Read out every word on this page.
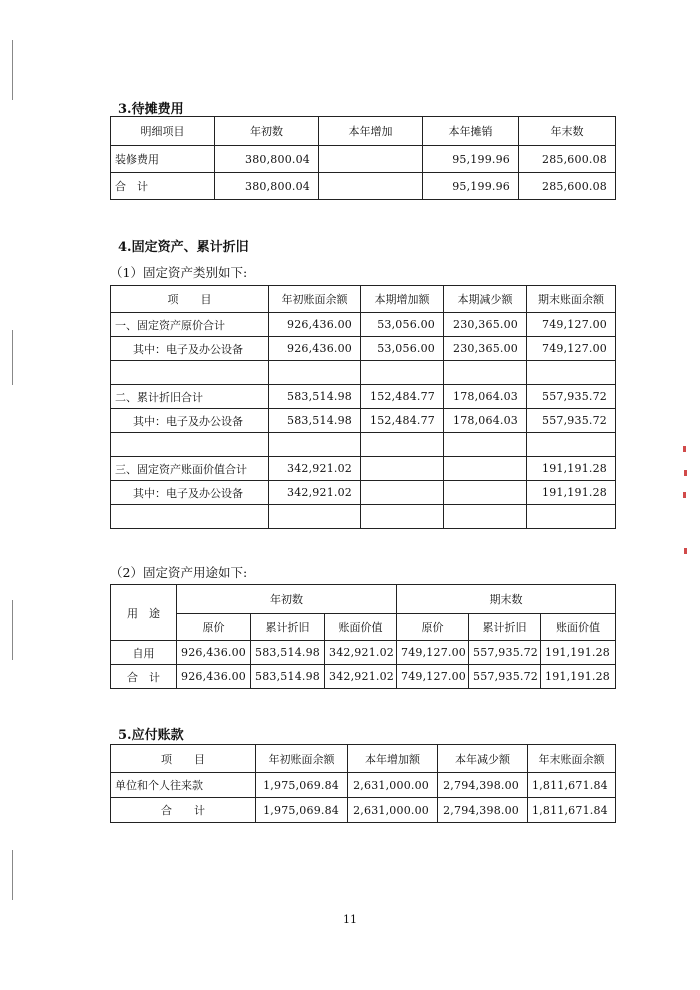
3.待摊费用
明细项目	年初数	本年增加	本年摊销	年末数
装修费用	380,800.04		95,199.96	285,600.08
合　计	380,800.04		95,199.96	285,600.08
4.固定资产、累计折旧
（1）固定资产类别如下:
项　　目	年初账面余额	本期增加额	本期减少额	期末账面余额
一、固定资产原价合计	926,436.00	53,056.00	230,365.00	749,127.00
其中：电子及办公设备	926,436.00	53,056.00	230,365.00	749,127.00

二、累计折旧合计	583,514.98	152,484.77	178,064.03	557,935.72
其中：电子及办公设备	583,514.98	152,484.77	178,064.03	557,935.72

三、固定资产账面价值合计	342,921.02			191,191.28
其中：电子及办公设备	342,921.02			191,191.28

（2）固定资产用途如下:
用　途	年初数			期末数		
	原价	累计折旧	账面价值	原价	累计折旧	账面价值
自用	926,436.00	583,514.98	342,921.02	749,127.00	557,935.72	191,191.28
合　计	926,436.00	583,514.98	342,921.02	749,127.00	557,935.72	191,191.28
5.应付账款
项　　目	年初账面余额	本年增加额	本年减少额	年末账面余额
单位和个人往来款	1,975,069.84	2,631,000.00	2,794,398.00	1,811,671.84
合　　计	1,975,069.84	2,631,000.00	2,794,398.00	1,811,671.84
11
